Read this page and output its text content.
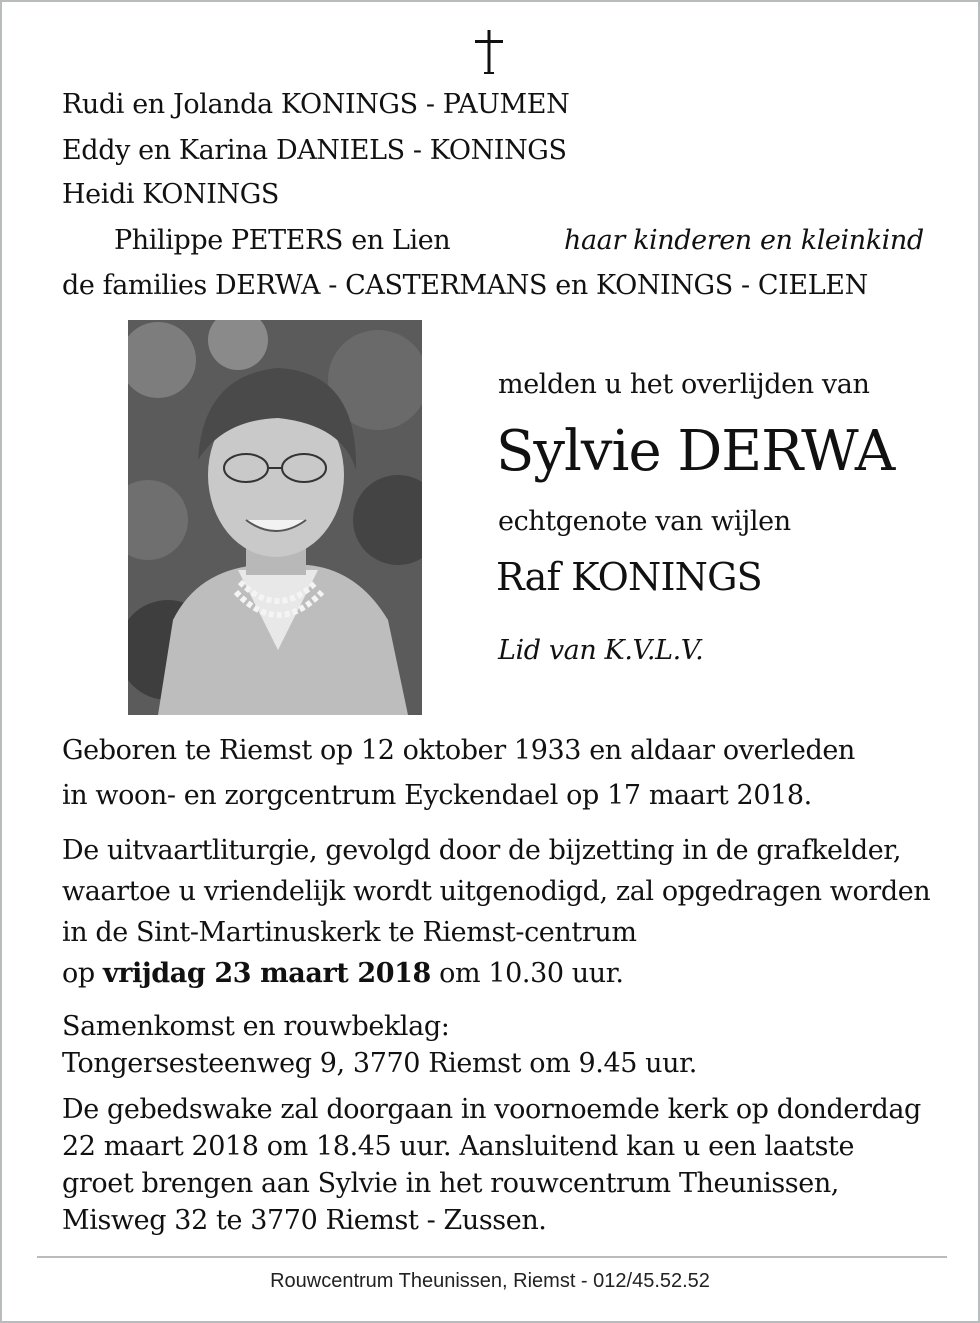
Rudi en Jolanda KONINGS - PAUMEN
Eddy en Karina DANIELS - KONINGS
Heidi KONINGS
Philippe PETERS en Lien	haar kinderen en kleinkind
de families DERWA - CASTERMANS en KONINGS - CIELEN
melden u het overlijden van
Sylvie DERWA
echtgenote van wijlen
Raf KONINGS
Lid van K.V.L.V.
Geboren te Riemst op 12 oktober 1933 en aldaar overleden
in woon- en zorgcentrum Eyckendael op 17 maart 2018.
De uitvaartliturgie, gevolgd door de bijzetting in de grafkelder,
waartoe u vriendelijk wordt uitgenodigd, zal opgedragen worden
in de Sint-Martinuskerk te Riemst-centrum
op vrijdag 23 maart 2018 om 10.30 uur.
Samenkomst en rouwbeklag:
Tongersesteenweg 9, 3770 Riemst om 9.45 uur.
De gebedswake zal doorgaan in voornoemde kerk op donderdag
22 maart 2018 om 18.45 uur. Aansluitend kan u een laatste
groet brengen aan Sylvie in het rouwcentrum Theunissen,
Misweg 32 te 3770 Riemst - Zussen.
Rouwcentrum Theunissen, Riemst - 012/45.52.52
